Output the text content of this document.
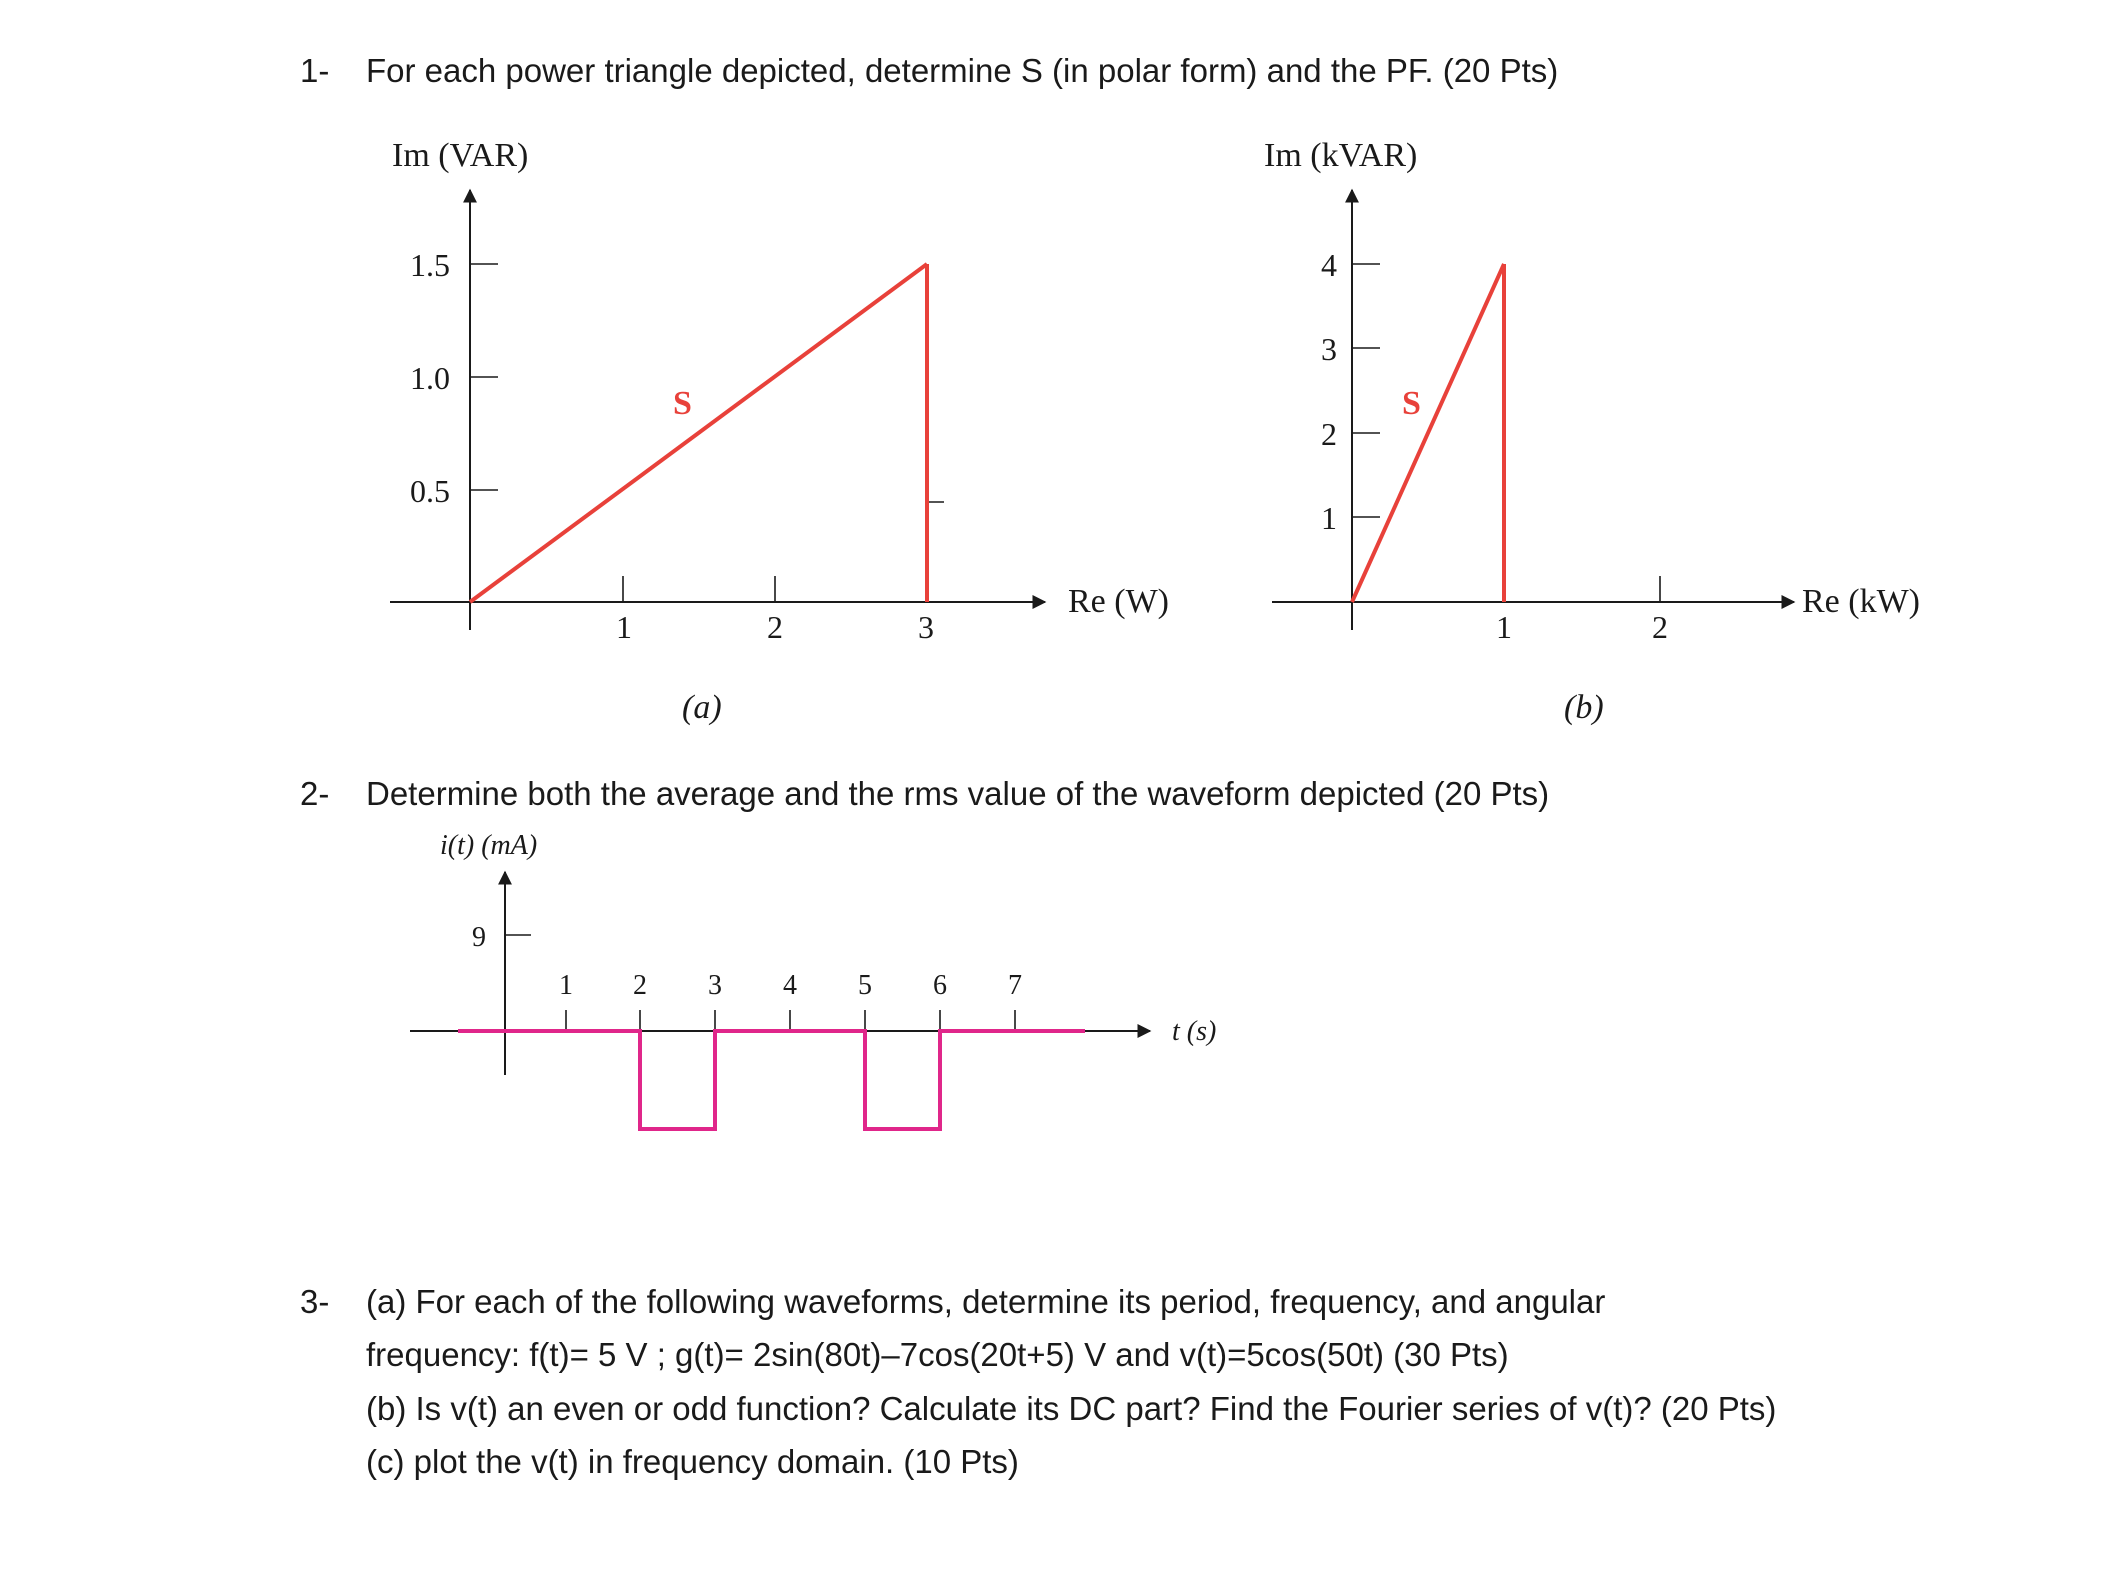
1- For each power triangle depicted, determine S (in polar form) and the PF. (20 Pts)
2- Determine both the average and the rms value of the waveform depicted (20 Pts)
3- (a) For each of the following waveforms, determine its period, frequency, and angular
frequency: f(t)= 5 V ; g(t)= 2sin(80t)–7cos(20t+5) V and v(t)=5cos(50t) (30 Pts)
(b) Is v(t) an even or odd function? Calculate its DC part? Find the Fourier series of v(t)? (20 Pts)
(c) plot the v(t) in frequency domain. (10 Pts)
Im (VAR)
Re (W)
1.5
1.0
0.5
1	2	3
S
(a)
Im (kVAR)
Re (kW)
4
3
2
1
1	2
S
(b)
i(t) (mA)
t (s)
9
1 2 3 4 5 6 7
